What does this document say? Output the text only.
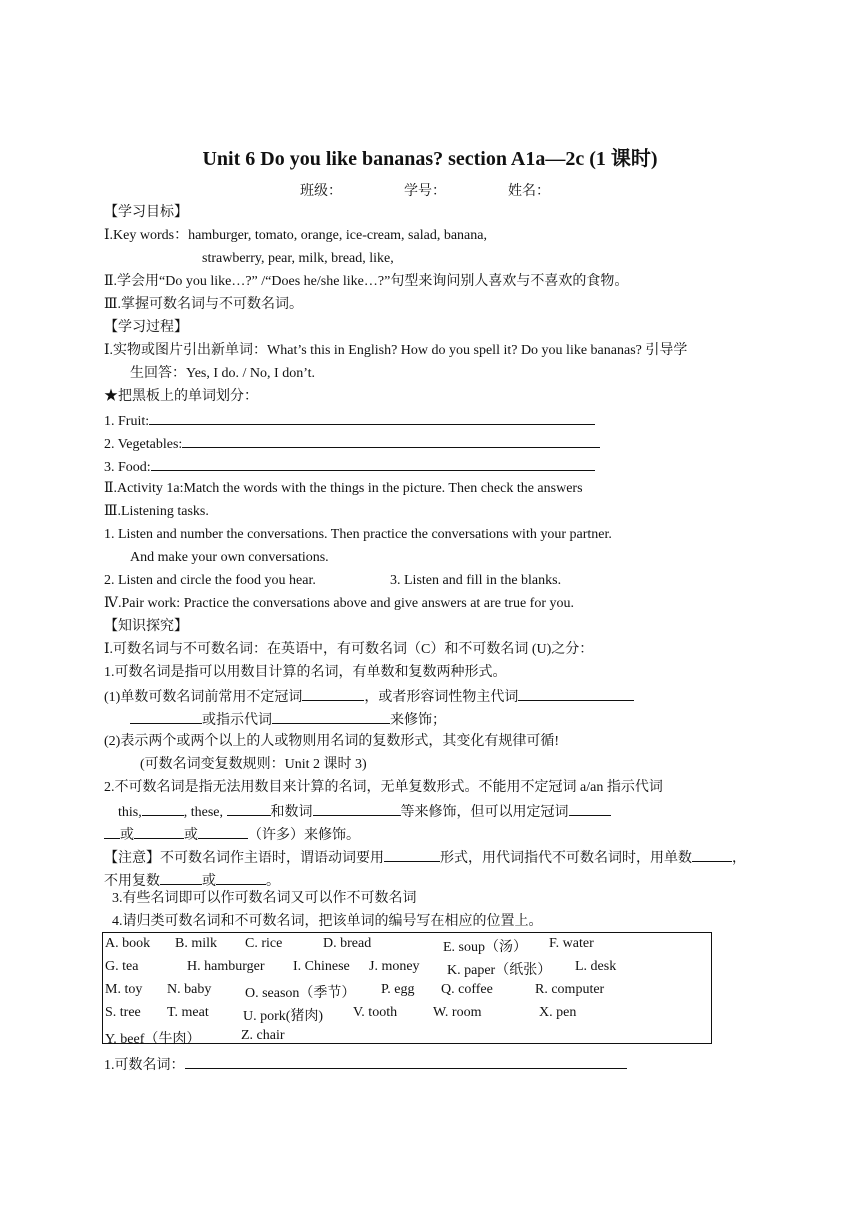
Unit 6 Do you like bananas? section A1a—2c (1 课时)
班级：	学号：	姓名：
【学习目标】
Ⅰ.Key words：hamburger, tomato, orange, ice-cream, salad, banana,
strawberry, pear, milk, bread, like,
Ⅱ.学会用“Do you like…?” /“Does he/she like…?”句型来询问别人喜欢与不喜欢的食物。
Ⅲ.掌握可数名词与不可数名词。
【学习过程】
Ⅰ.实物或图片引出新单词：What’s this in English? How do you spell it? Do you like bananas? 引导学
生回答：Yes, I do. / No, I don’t.
★把黑板上的单词划分：
1. Fruit:
2. Vegetables:
3. Food:
Ⅱ.Activity 1a:Match the words with the things in the picture. Then check the answers
Ⅲ.Listening tasks.
1. Listen and number the conversations. Then practice the conversations with your partner.
And make your own conversations.
2. Listen and circle the food you hear.	3. Listen and fill in the blanks.
Ⅳ.Pair work: Practice the conversations above and give answers at are true for you.
【知识探究】
Ⅰ.可数名词与不可数名词：在英语中，有可数名词（C）和不可数名词 (U)之分：
1.可数名词是指可以用数目计算的名词，有单数和复数两种形式。
(1)单数可数名词前常用不定冠词	，或者形容词性物主代词
或指示代词	来修饰；
(2)表示两个或两个以上的人或物则用名词的复数形式，其变化有规律可循!
(可数名词变复数规则：Unit 2 课时 3)
2.不可数名词是指无法用数目来计算的名词，无单复数形式。不能用不定冠词 a/an 指示代词
this,	, these,	和数词	等来修饰，但可以用定冠词
或	或	（许多）来修饰。
【注意】不可数名词作主语时，谓语动词要用	形式，用代词指代不可数名词时，用单数	，
不用复数	或	。
3.有些名词即可以作可数名词又可以作不可数名词
4.请归类可数名词和不可数名词，把该单词的编号写在相应的位置上。
A. book B. milk C. rice	D. bread	E. soup（汤） F. water
G. tea	H. hamburger I. Chinese J. money K. paper（纸张） L. desk
M. toy N. baby O. season（季节） P. egg Q. coffee	R. computer
S. tree T. meat U. pork(猪肉) V. tooth	W. room	X. pen
Y. beef（牛肉）	Z. chair
1.可数名词：
